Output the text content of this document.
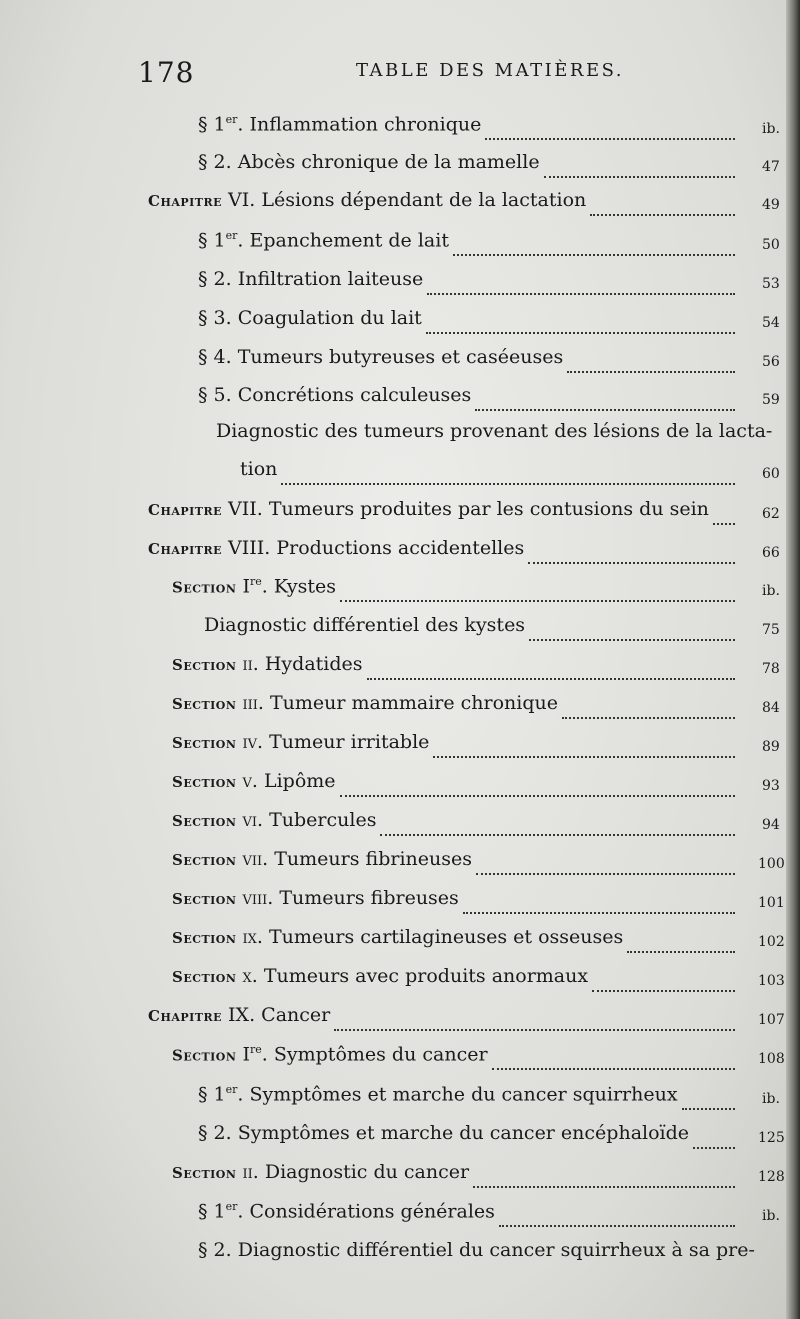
178	TABLE DES MATIÈRES.
§ 1er. Inflammation chronique	ib.
§ 2. Abcès chronique de la mamelle	47
Chapitre VI. Lésions dépendant de la lactation	49
§ 1er. Epanchement de lait	50
§ 2. Infiltration laiteuse	53
§ 3. Coagulation du lait	54
§ 4. Tumeurs butyreuses et caséeuses	56
§ 5. Concrétions calculeuses	59
Diagnostic des tumeurs provenant des lésions de la lacta-
tion	60
Chapitre VII. Tumeurs produites par les contusions du sein	62
Chapitre VIII. Productions accidentelles	66
Section Ire. Kystes	ib.
Diagnostic différentiel des kystes	75
Section ii. Hydatides	78
Section iii. Tumeur mammaire chronique	84
Section iv. Tumeur irritable	89
Section v. Lipôme	93
Section vi. Tubercules	94
Section vii. Tumeurs fibrineuses	100
Section viii. Tumeurs fibreuses	101
Section ix. Tumeurs cartilagineuses et osseuses	102
Section x. Tumeurs avec produits anormaux	103
Chapitre IX. Cancer	107
Section Ire. Symptômes du cancer	108
§ 1er. Symptômes et marche du cancer squirrheux	ib.
§ 2. Symptômes et marche du cancer encéphaloïde	125
Section ii. Diagnostic du cancer	128
§ 1er. Considérations générales	ib.
§ 2. Diagnostic différentiel du cancer squirrheux à sa pre-
